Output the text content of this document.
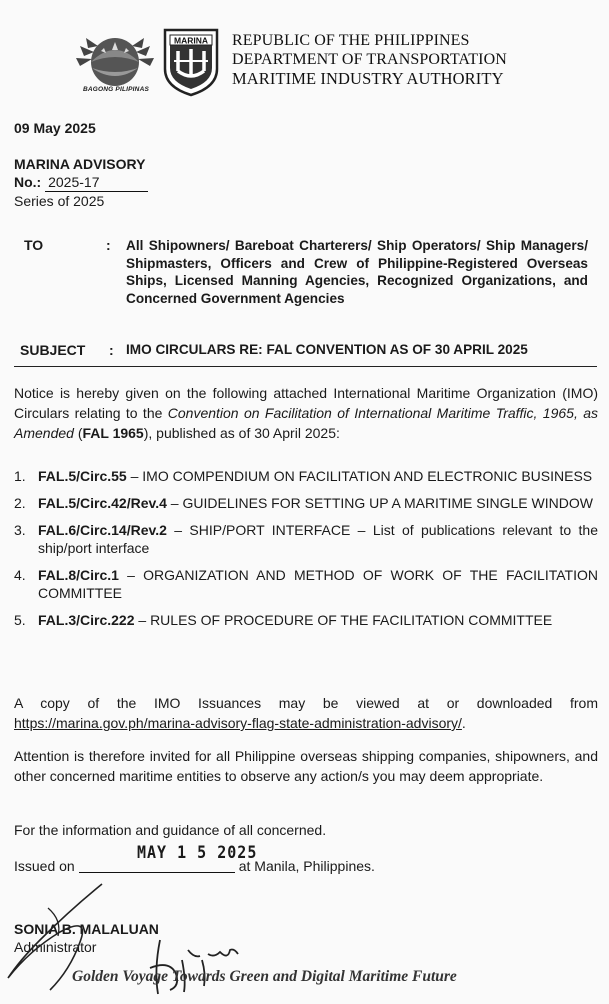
BAGONG PILIPINAS
MARINA REPUBLIC OF THE PHILIPPINES
DEPARTMENT OF TRANSPORTATION
MARITIME INDUSTRY AUTHORITY
09 May 2025
MARINA ADVISORY
No.: 2025-17
Series of 2025
TO	: All Shipowners/ Bareboat Charterers/ Ship Operators/ Ship Managers/ Shipmasters, Officers and Crew of Philippine-Registered Overseas Ships, Licensed Manning Agencies, Recognized Organizations, and Concerned Government Agencies
SUBJECT : IMO CIRCULARS RE: FAL CONVENTION AS OF 30 APRIL 2025
Notice is hereby given on the following attached International Maritime Organization (IMO) Circulars relating to the Convention on Facilitation of International Maritime Traffic, 1965, as Amended (FAL 1965), published as of 30 April 2025:
1. FAL.5/Circ.55 – IMO COMPENDIUM ON FACILITATION AND ELECTRONIC BUSINESS
2. FAL.5/Circ.42/Rev.4 – GUIDELINES FOR SETTING UP A MARITIME SINGLE WINDOW
3. FAL.6/Circ.14/Rev.2 – SHIP/PORT INTERFACE – List of publications relevant to the ship/port interface
4. FAL.8/Circ.1 – ORGANIZATION AND METHOD OF WORK OF THE FACILITATION COMMITTEE
5. FAL.3/Circ.222 – RULES OF PROCEDURE OF THE FACILITATION COMMITTEE
A copy of the IMO Issuances may be viewed at or downloaded from https://marina.gov.ph/marina-advisory-flag-state-administration-advisory/.
Attention is therefore invited for all Philippine overseas shipping companies, shipowners, and other concerned maritime entities to observe any action/s you may deem appropriate.
For the information and guidance of all concerned.
Issued on	at Manila, Philippines.
MAY 1 5 2025
SONIA B. MALALUAN
Administrator
Golden Voyage Towards Green and Digital Maritime Future
